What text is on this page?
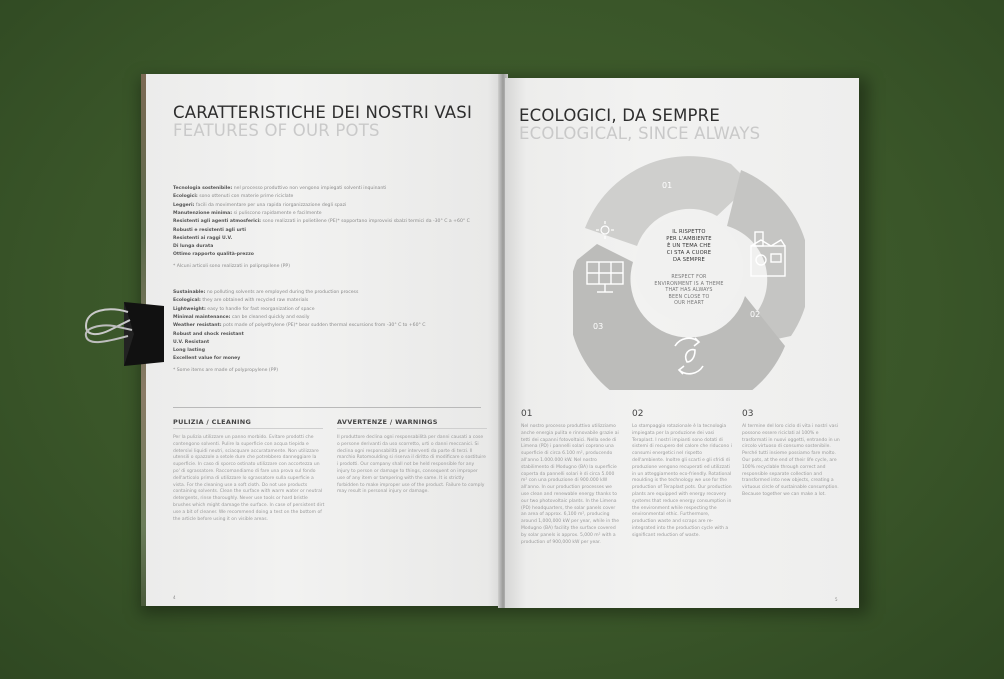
CARATTERISTICHE DEI NOSTRI VASI
FEATURES OF OUR POTS
Tecnologia sostenibile: nel processo produttivo non vengono impiegati solventi inquinanti
Ecologici: sono ottenuti con materie prime riciclate
Leggeri: facili da movimentare per una rapida riorganizzazione degli spazi
Manutenzione minima: si puliscono rapidamente e facilmente
Resistenti agli agenti atmosferici: sono realizzati in polietilene (PE)* sopportano improvvisi sbalzi termici da -30° C a +60° C
Robusti e resistenti agli urti
Resistenti ai raggi U.V.
Di lunga durata
Ottimo rapporto qualità-prezzo
* Alcuni articoli sono realizzati in polipropilene (PP)
Sustainable: no polluting solvents are employed during the production process
Ecological: they are obtained with recycled raw materials
Lightweight: easy to handle for fast reorganization of space
Minimal maintenance: can be cleaned quickly and easily
Weather resistant: pots made of polyethylene (PE)* bear sudden thermal excursions from -30° C to +60° C
Robust and shock resistant
U.V. Resistant
Long lasting
Excellent value for money
* Some items are made of polypropylene (PP)
PULIZIA / CLEANING
Per la pulizia utilizzare un panno morbido. Evitare prodotti che contengono solventi. Pulire la superficie con acqua tiepida e detersivi liquidi neutri, sciacquare accuratamente. Non utilizzare utensili o spazzole a setole dure che potrebbero danneggiare la superficie. In caso di sporco ostinato utilizzare con accortezza un po' di sgrassatore. Raccomandiamo di fare una prova sul fondo dell'articolo prima di utilizzare lo sgrassatore sulla superficie a vista. For the cleaning use a soft cloth. Do not use products containing solvents. Clean the surface with warm water or neutral detergents, rinse thoroughly. Never use tools or hard bristle brushes which might damage the surface. In case of persistent dirt use a bit of cleaner. We recommend doing a test on the bottom of the article before using it on visible areas.
AVVERTENZE / WARNINGS
Il produttore declina ogni responsabilità per danni causati a cose o persone derivanti da uso scorretto, urti o danni meccanici. Si declina ogni responsabilità per interventi da parte di terzi. Il marchio Rotomoulding si riserva il diritto di modificare o sostituire i prodotti. Our company shall not be held responsible for any injury to person or damage to things, consequent on improper use of any item or tampering with the same. It is strictly forbidden to make improper use of the product. Failure to comply may result in personal injury or damage.
4
ECOLOGICI, DA SEMPRE
ECOLOGICAL, SINCE ALWAYS
01
02
03
IL RISPETTO
PER L'AMBIENTE
È UN TEMA CHE
CI STA A CUORE
DA SEMPRE
RESPECT FOR
ENVIRONMENT IS A THEME
THAT HAS ALWAYS
BEEN CLOSE TO
OUR HEART
01
Nel nostro processo produttivo utilizziamo anche energia pulita e rinnovabile grazie ai tetti dei capanni fotovoltaici. Nella sede di Limena (PD) i pannelli solari coprono una superficie di circa 6.100 m², producendo all'anno 1.000.000 kW. Nel nostro stabilimento di Modugno (BA) la superficie coperta da pannelli solari è di circa 5.000 m² con una produzione di 900.000 kW all'anno. In our production processes we use clean and renewable energy thanks to our two photovoltaic plants. In the Limena (PD) headquarters, the solar panels cover an area of approx. 6,100 m², producing around 1,000,000 kW per year, while in the Modugno (BA) facility the surface covered by solar panels is approx. 5,000 m² with a production of 900,000 kW per year.
02
Lo stampaggio rotazionale è la tecnologia impiegata per la produzione dei vasi Teraplast. I nostri impianti sono dotati di sistemi di recupero del calore che riducono i consumi energetici nel rispetto dell'ambiente. Inoltre gli scarti e gli sfridi di produzione vengono recuperati ed utilizzati in un atteggiamento eco-friendly. Rotational moulding is the technology we use for the production of Teraplast pots. Our production plants are equipped with energy recovery systems that reduce energy consumption in the environment while respecting the environmental ethic. Furthermore, production waste and scraps are re-integrated into the production cycle with a significant reduction of waste.
03
Al termine del loro ciclo di vita i nostri vasi possono essere riciclati al 100% e trasformati in nuovi oggetti, entrando in un circolo virtuoso di consumo sostenibile. Perché tutti insieme possiamo fare molto. Our pots, at the end of their life cycle, are 100% recyclable through correct and responsible separate collection and transformed into new objects, creating a virtuous circle of sustainable consumption. Because together we can make a lot.
5
